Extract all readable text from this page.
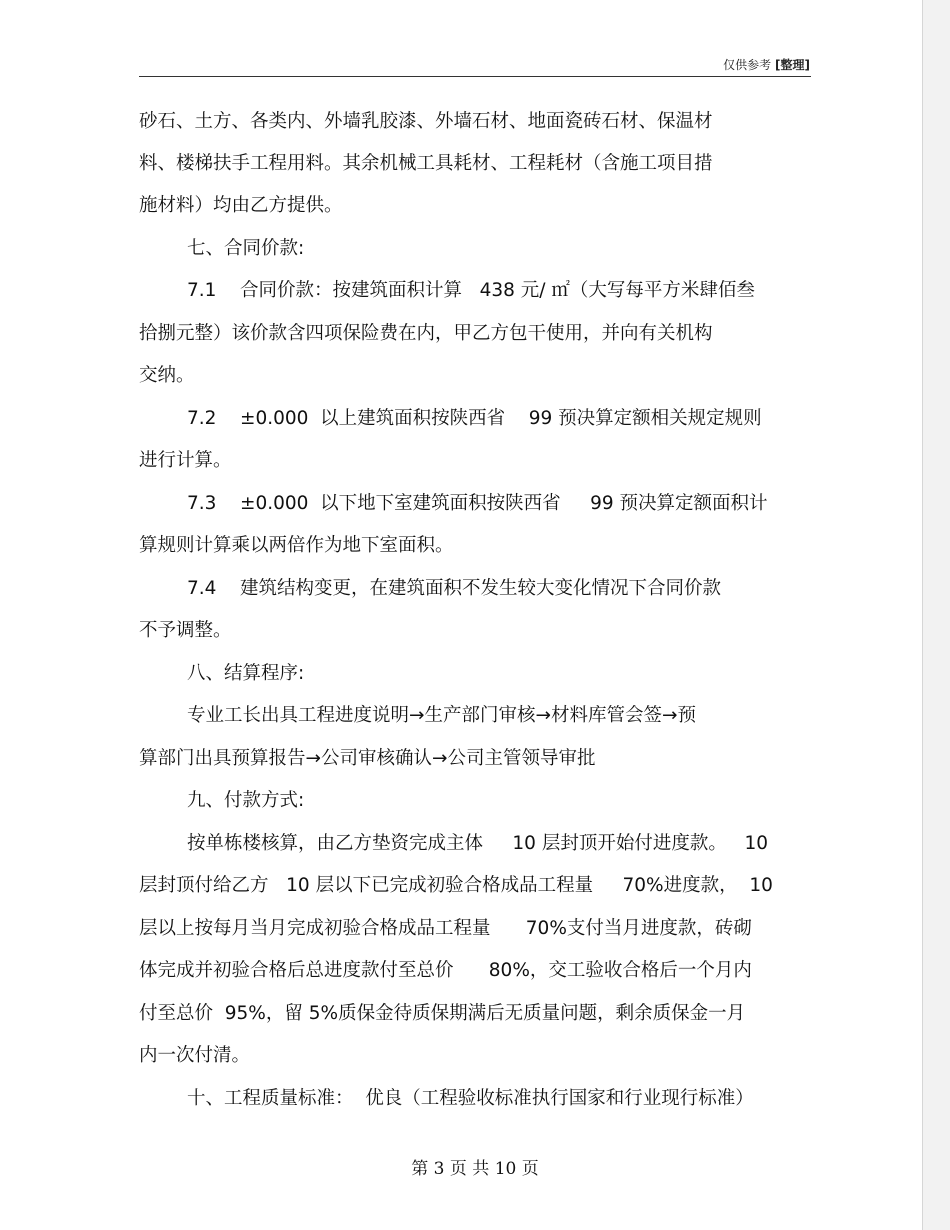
仅供参考 [整理]
砂石、土方、各类内、外墙乳胶漆、外墙石材、地面瓷砖石材、保温材
料、楼梯扶手工程用料。其余机械工具耗材、工程耗材（含施工项目措
施材料）均由乙方提供。
七、合同价款:
7.1    合同价款：按建筑面积计算   438 元/ ㎡（大写每平方米肆佰叁
拾捌元整）该价款含四项保险费在内，甲乙方包干使用，并向有关机构
交纳。
7.2    ±0.000  以上建筑面积按陕西省    99 预决算定额相关规定规则
进行计算。
7.3    ±0.000  以下地下室建筑面积按陕西省     99 预决算定额面积计
算规则计算乘以两倍作为地下室面积。
7.4    建筑结构变更，在建筑面积不发生较大变化情况下合同价款
不予调整。
八、结算程序:
专业工长出具工程进度说明→生产部门审核→材料库管会签→预
算部门出具预算报告→公司审核确认→公司主管领导审批
九、付款方式:
按单栋楼核算，由乙方垫资完成主体     10 层封顶开始付进度款。   10
层封顶付给乙方   10 层以下已完成初验合格成品工程量     70%进度款，  10
层以上按每月当月完成初验合格成品工程量      70%支付当月进度款，砖砌
体完成并初验合格后总进度款付至总价      80%，交工验收合格后一个月内
付至总价  95%，留 5%质保金待质保期满后无质量问题，剩余质保金一月
内一次付清。
十、工程质量标准：  优良（工程验收标准执行国家和行业现行标准）
第 3 页 共 10 页
